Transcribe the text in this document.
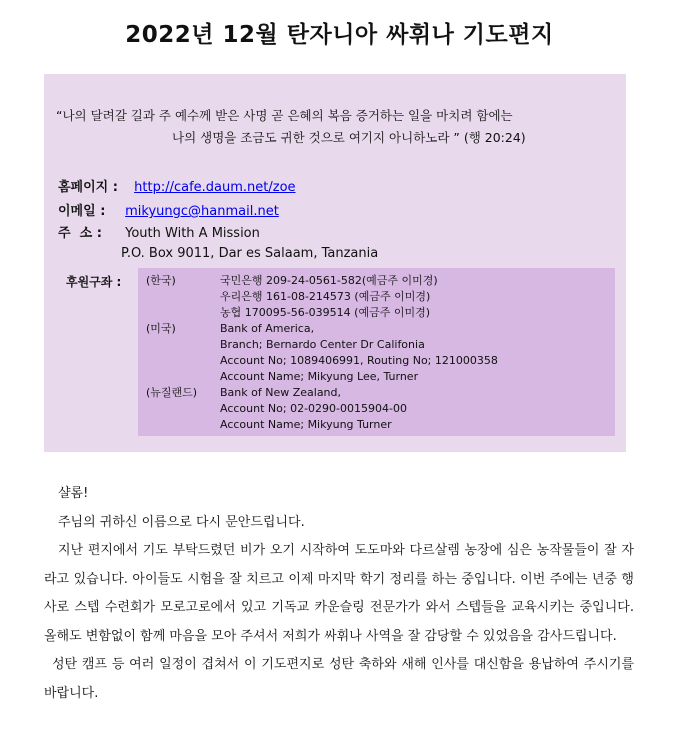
2022년 12월 탄자니아 싸휘나 기도편지
“나의 달려갈 길과 주 예수께 받은 사명 곧 은혜의 복음 증거하는 일을 마치려 함에는
나의 생명을 조금도 귀한 것으로 여기지 아니하노라 ” (행 20:24)
홈페이지 : http://cafe.daum.net/zoe
이메일 : mikyungc@hanmail.net
주  소 : Youth With A Mission
P.O. Box 9011, Dar es Salaam, Tanzania
후원구좌 : (한국)	국민은행 209-24-0561-582(예금주 이미경)
우리은행 161-08-214573 (예금주 이미경)
농협 170095-56-039514 (예금주 이미경)
(미국)	Bank of America,
Branch; Bernardo Center Dr Califonia
Account No; 1089406991, Routing No; 121000358
Account Name; Mikyung Lee, Turner
(뉴질랜드) Bank of New Zealand,
Account No; 02-0290-0015904-00
Account Name; Mikyung Turner

샬롬!

주님의 귀하신 이름으로 다시 문안드립니다.

지난 편지에서 기도 부탁드렸던 비가 오기 시작하여 도도마와 다르살렘 농장에 심은 농작물들이 잘 자라고 있습니다. 아이들도 시험을 잘 치르고 이제 마지막 학기 정리를 하는 중입니다. 이번 주에는 년중 행사로 스텝 수련회가 모로고로에서 있고 기독교 카운슬링 전문가가 와서 스텝들을 교육시키는 중입니다. 올해도 변함없이 함께 마음을 모아 주셔서 저희가 싸휘나 사역을 잘 감당할 수 있었음을 감사드립니다.

성탄 캠프 등 여러 일정이 겹쳐서 이 기도편지로 성탄 축하와 새해 인사를 대신함을 용납하여 주시기를 바랍니다.
